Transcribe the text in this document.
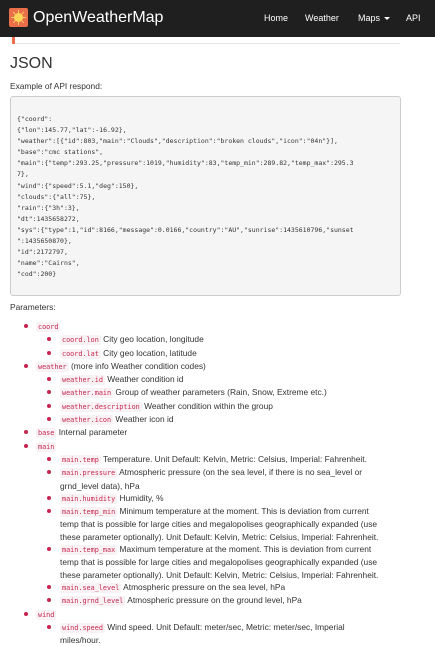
OpenWeatherMap	Home Weather Maps	API
JSON
Example of API respond:
{"coord":
{"lon":145.77,"lat":-16.92},
"weather":[{"id":803,"main":"Clouds","description":"broken clouds","icon":"04n"}],
"base":"cmc stations",
"main":{"temp":293.25,"pressure":1019,"humidity":83,"temp_min":289.82,"temp_max":295.3
7},
"wind":{"speed":5.1,"deg":150},
"clouds":{"all":75},
"rain":{"3h":3},
"dt":1435658272,
"sys":{"type":1,"id":8166,"message":0.0166,"country":"AU","sunrise":1435610796,"sunset
":1435650870},
"id":2172797,
"name":"Cairns",
"cod":200}
Parameters:
coord
coord.lon City geo location, longitude
coord.lat City geo location, latitude
weather (more info Weather condition codes)
weather.id Weather condition id
weather.main Group of weather parameters (Rain, Snow, Extreme etc.)
weather.description Weather condition within the group
weather.icon Weather icon id
base Internal parameter
main
main.temp Temperature. Unit Default: Kelvin, Metric: Celsius, Imperial: Fahrenheit.
main.pressure Atmospheric pressure (on the sea level, if there is no sea_level or
grnd_level data), hPa
main.humidity Humidity, %
main.temp_min Minimum temperature at the moment. This is deviation from current
temp that is possible for large cities and megalopolises geographically expanded (use
these parameter optionally). Unit Default: Kelvin, Metric: Celsius, Imperial: Fahrenheit.
main.temp_max Maximum temperature at the moment. This is deviation from current
temp that is possible for large cities and megalopolises geographically expanded (use
these parameter optionally). Unit Default: Kelvin, Metric: Celsius, Imperial: Fahrenheit.
main.sea_level Atmospheric pressure on the sea level, hPa
main.grnd_level Atmospheric pressure on the ground level, hPa
wind
wind.speed Wind speed. Unit Default: meter/sec, Metric: meter/sec, Imperial
miles/hour.
